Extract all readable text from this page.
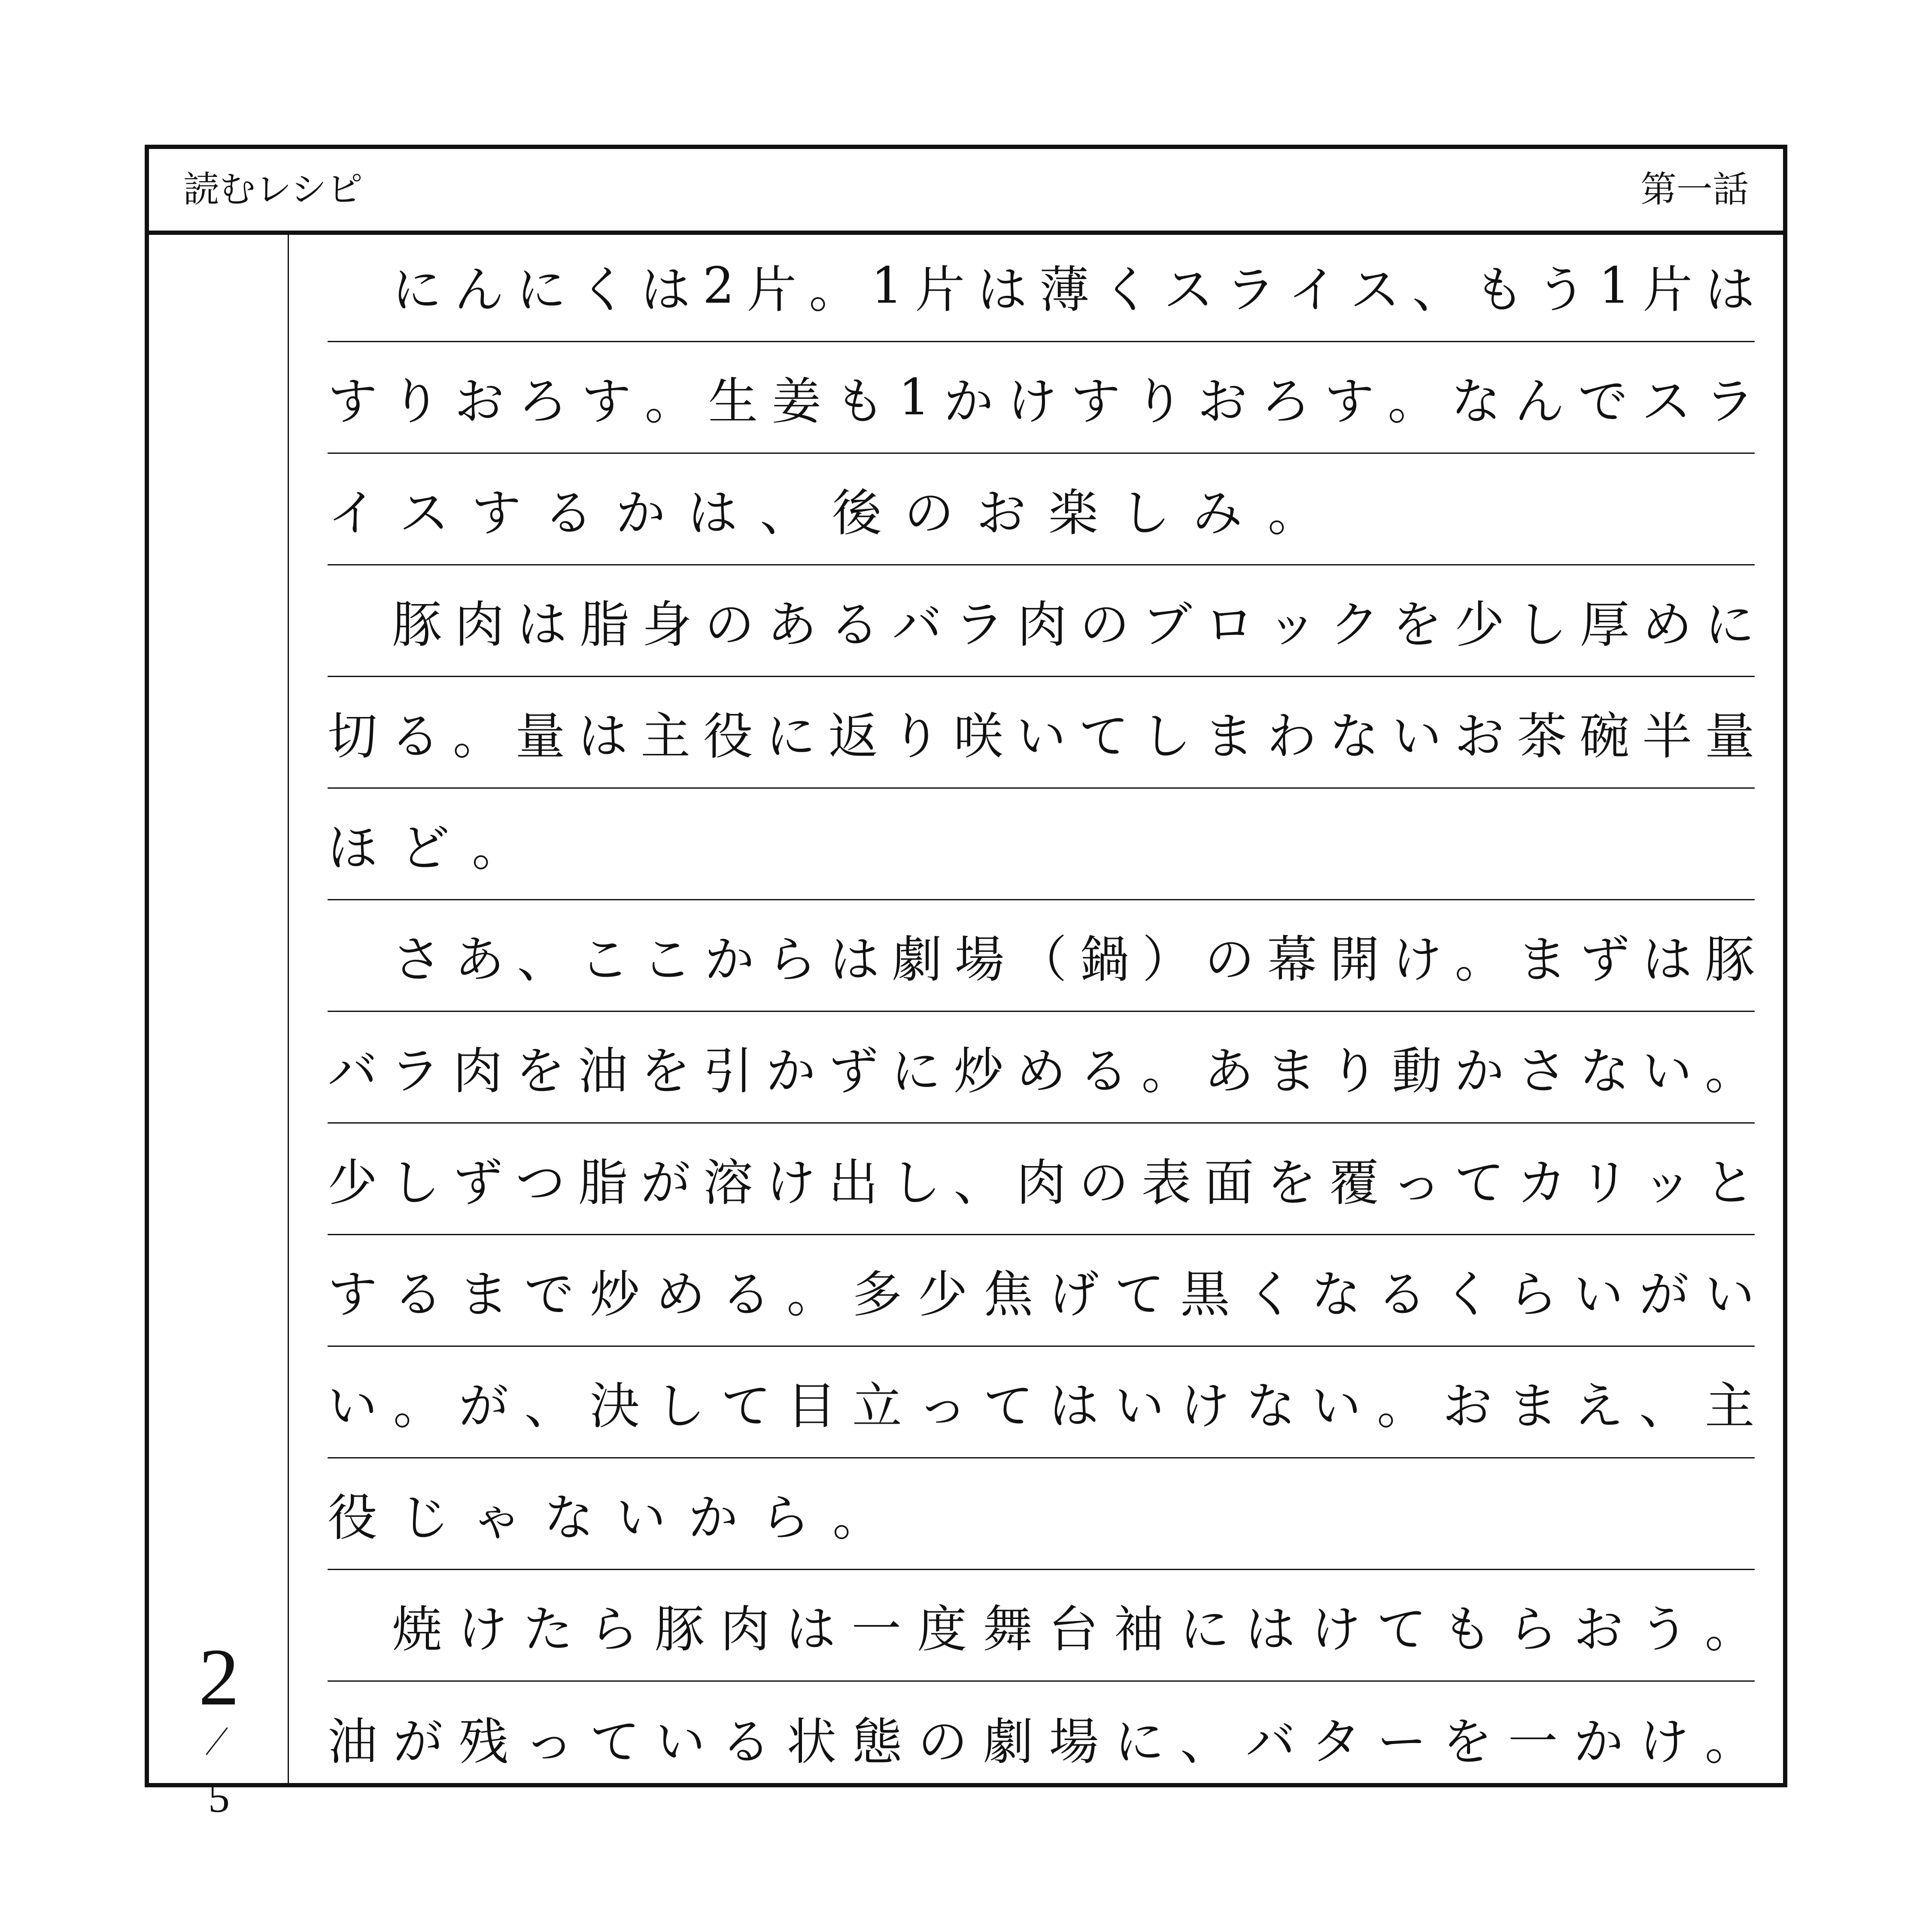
読むレシピ	第一話
2
5
に ん に く は 2 片 。 1 片 は 薄 く ス ラ イ ス 、 も う 1 片 は
す り お ろ す 。 生 姜 も 1 か け す り お ろ す 。 な ん で ス ラ
イスするかは、後のお楽しみ。
豚 肉 は 脂 身 の あ る バ ラ 肉 の ブ ロ ッ ク を 少 し 厚 め に
切 る 。 量 は 主 役 に 返 り 咲 い て し ま わ な い お 茶 碗 半 量
ほど。
さ あ 、 こ こ か ら は 劇 場 （ 鍋 ） の 幕 開 け 。 ま ず は 豚
バ ラ 肉 を 油 を 引 か ず に 炒 め る 。 あ ま り 動 か さ な い 。
少 し ず つ 脂 が 溶 け 出 し 、 肉 の 表 面 を 覆 っ て カ リ ッ と
す る ま で 炒 め る 。 多 少 焦 げ て 黒 く な る く ら い が い
い 。 が 、 決 し て 目 立 っ て は い け な い 。 お ま え 、 主
役じゃないから。
焼 け た ら 豚 肉 は 一 度 舞 台 袖 に は け て も ら お う 。
油 が 残 っ て い る 状 態 の 劇 場 に 、 バ タ ー を 一 か け 。
